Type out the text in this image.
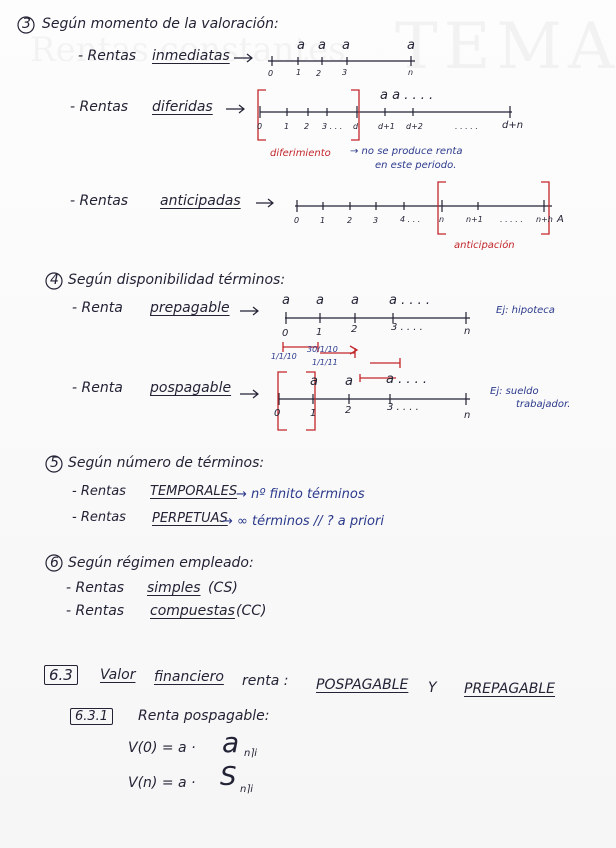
3 Según momento de la valoración:
- Rentas inmediatas
a a a	a
0	1 2	3	n
- Rentas diferidas
a a . . . .
0	1 2 3 . . . d d+1 d+2	. . . . . d+n
diferimiento → no se produce renta
en este periodo.
- Rentas anticipadas
0	1	2	3	4 . . . n	n+1 . . . . . n+h A
anticipación
4 Según disponibilidad términos:
- Renta prepagable	a a a a . . . .
0	1	2	3 . . . .	n
Ej: hipoteca
1/1/10
30/1/10
1/1/11
- Renta pospagable	a a	a . . . .
0	1	2	3 . . . .
n
Ej: sueldo
trabajador.
5 Según número de términos:
- Rentas TEMPORALES
→ nº finito términos
- Rentas PERPETUAS
→ ∞ términos // ? a priori
6 Según régimen empleado:
- Rentas simples (CS)
- Rentas compuestas (CC)
6.3	Valor financiero renta : POSPAGABLE Y PREPAGABLE
6.3.1	Renta pospagable:
V(0) = a · a n⌉i
V(n) = a · S n⌉i
